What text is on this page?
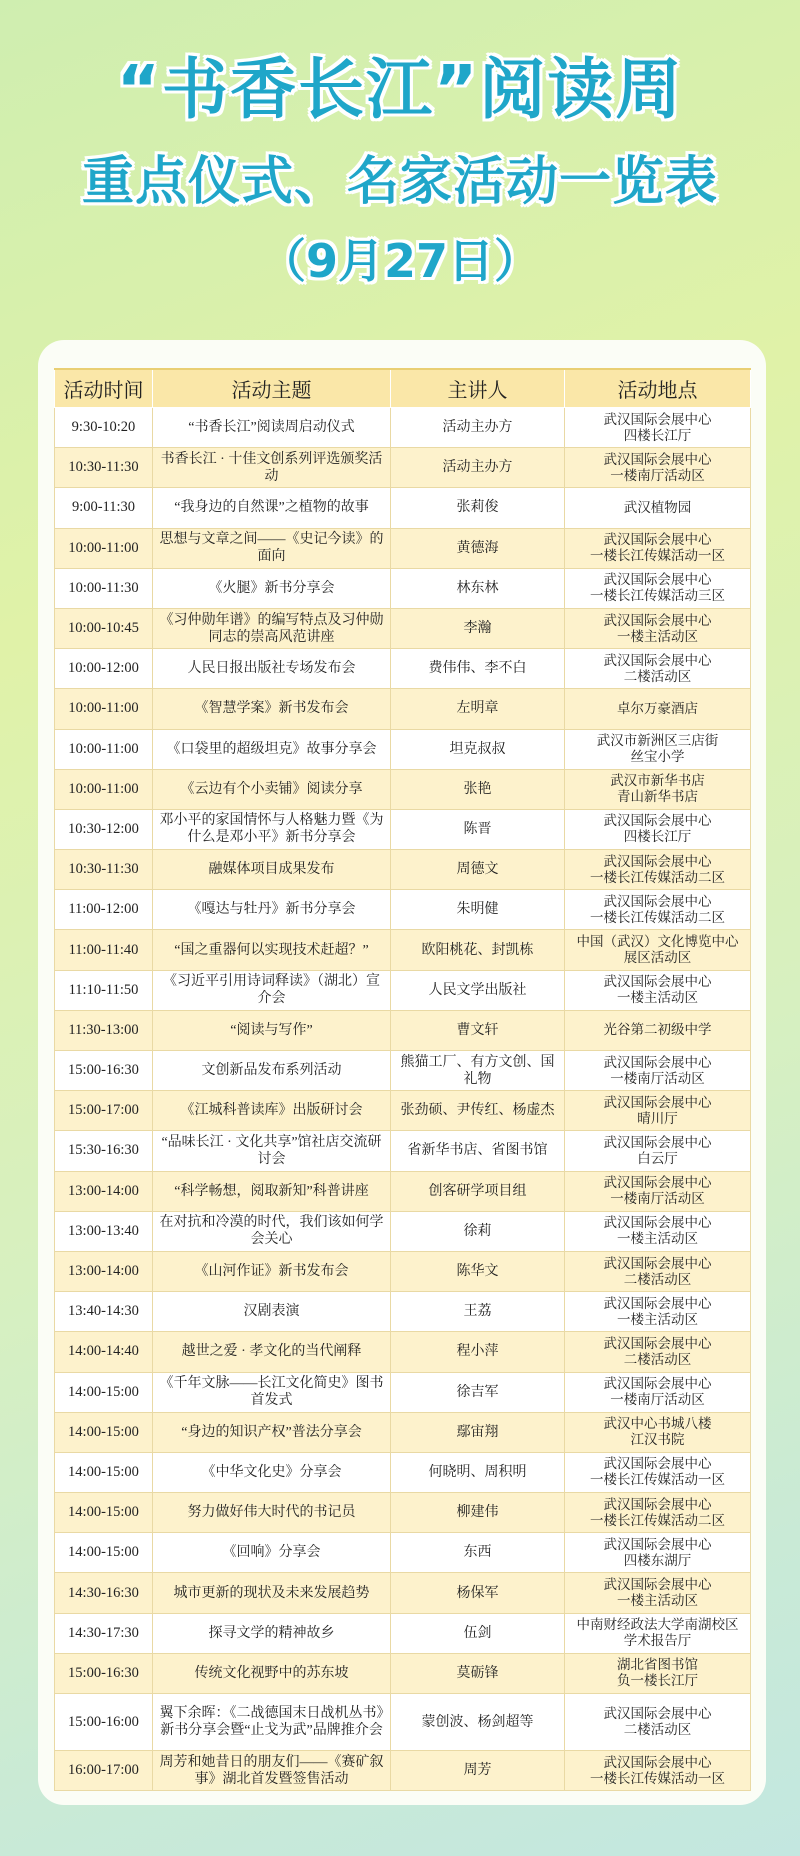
“书香长江”阅读周
重点仪式、名家活动一览表
（9月27日）
活动时间	活动主题	主讲人	活动地点
9:30-10:20	“书香长江”阅读周启动仪式	活动主办方	武汉国际会展中心
四楼长江厅
10:30-11:30	书香长江 · 十佳文创系列评选颁奖活动	活动主办方	武汉国际会展中心
一楼南厅活动区
9:00-11:30	“我身边的自然课”之植物的故事	张莉俊	武汉植物园
10:00-11:00	思想与文章之间——《史记今读》的面向	黄德海	武汉国际会展中心
一楼长江传媒活动一区
10:00-11:30	《火腿》新书分享会	林东林	武汉国际会展中心
一楼长江传媒活动三区
10:00-10:45	《习仲勋年谱》的编写特点及习仲勋同志的崇高风范讲座	李瀚	武汉国际会展中心
一楼主活动区
10:00-12:00	人民日报出版社专场发布会	费伟伟、李不白	武汉国际会展中心
二楼活动区
10:00-11:00	《智慧学案》新书发布会	左明章	卓尔万豪酒店
10:00-11:00	《口袋里的超级坦克》故事分享会	坦克叔叔	武汉市新洲区三店街
丝宝小学
10:00-11:00	《云边有个小卖铺》阅读分享	张艳	武汉市新华书店
青山新华书店
10:30-12:00	邓小平的家国情怀与人格魅力暨《为什么是邓小平》新书分享会	陈晋	武汉国际会展中心
四楼长江厅
10:30-11:30	融媒体项目成果发布	周德文	武汉国际会展中心
一楼长江传媒活动二区
11:00-12:00	《嘎达与牡丹》新书分享会	朱明健	武汉国际会展中心
一楼长江传媒活动二区
11:00-11:40	“国之重器何以实现技术赶超？”	欧阳桃花、封凯栋	中国（武汉）文化博览中心
展区活动区
11:10-11:50	《习近平引用诗词释读》（湖北）宣介会	人民文学出版社	武汉国际会展中心
一楼主活动区
11:30-13:00	“阅读与写作”	曹文轩	光谷第二初级中学
15:00-16:30	文创新品发布系列活动	熊猫工厂、有方文创、国礼物	武汉国际会展中心
一楼南厅活动区
15:00-17:00	《江城科普读库》出版研讨会	张劲硕、尹传红、杨虚杰	武汉国际会展中心
晴川厅
15:30-16:30	“品味长江 · 文化共享”馆社店交流研讨会	省新华书店、省图书馆	武汉国际会展中心
白云厅
13:00-14:00	“科学畅想，阅取新知”科普讲座	创客研学项目组	武汉国际会展中心
一楼南厅活动区
13:00-13:40	在对抗和冷漠的时代，我们该如何学会关心	徐莉	武汉国际会展中心
一楼主活动区
13:00-14:00	《山河作证》新书发布会	陈华文	武汉国际会展中心
二楼活动区
13:40-14:30	汉剧表演	王荔	武汉国际会展中心
一楼主活动区
14:00-14:40	越世之爱 · 孝文化的当代阐释	程小萍	武汉国际会展中心
二楼活动区
14:00-15:00	《千年文脉——长江文化简史》图书首发式	徐吉军	武汉国际会展中心
一楼南厅活动区
14:00-15:00	“身边的知识产权”普法分享会	鄢宙翔	武汉中心书城八楼
江汉书院
14:00-15:00	《中华文化史》分享会	何晓明、周积明	武汉国际会展中心
一楼长江传媒活动一区
14:00-15:00	努力做好伟大时代的书记员	柳建伟	武汉国际会展中心
一楼长江传媒活动二区
14:00-15:00	《回响》分享会	东西	武汉国际会展中心
四楼东湖厅
14:30-16:30	城市更新的现状及未来发展趋势	杨保军	武汉国际会展中心
一楼主活动区
14:30-17:30	探寻文学的精神故乡	伍剑	中南财经政法大学南湖校区
学术报告厅
15:00-16:30	传统文化视野中的苏东坡	莫砺锋	湖北省图书馆
负一楼长江厅
15:00-16:00	翼下余晖：《二战德国末日战机丛书》新书分享会暨“止戈为武”品牌推介会	蒙创波、杨剑超等	武汉国际会展中心
二楼活动区
16:00-17:00	周芳和她昔日的朋友们——《赛矿叙事》湖北首发暨签售活动	周芳	武汉国际会展中心
一楼长江传媒活动一区
